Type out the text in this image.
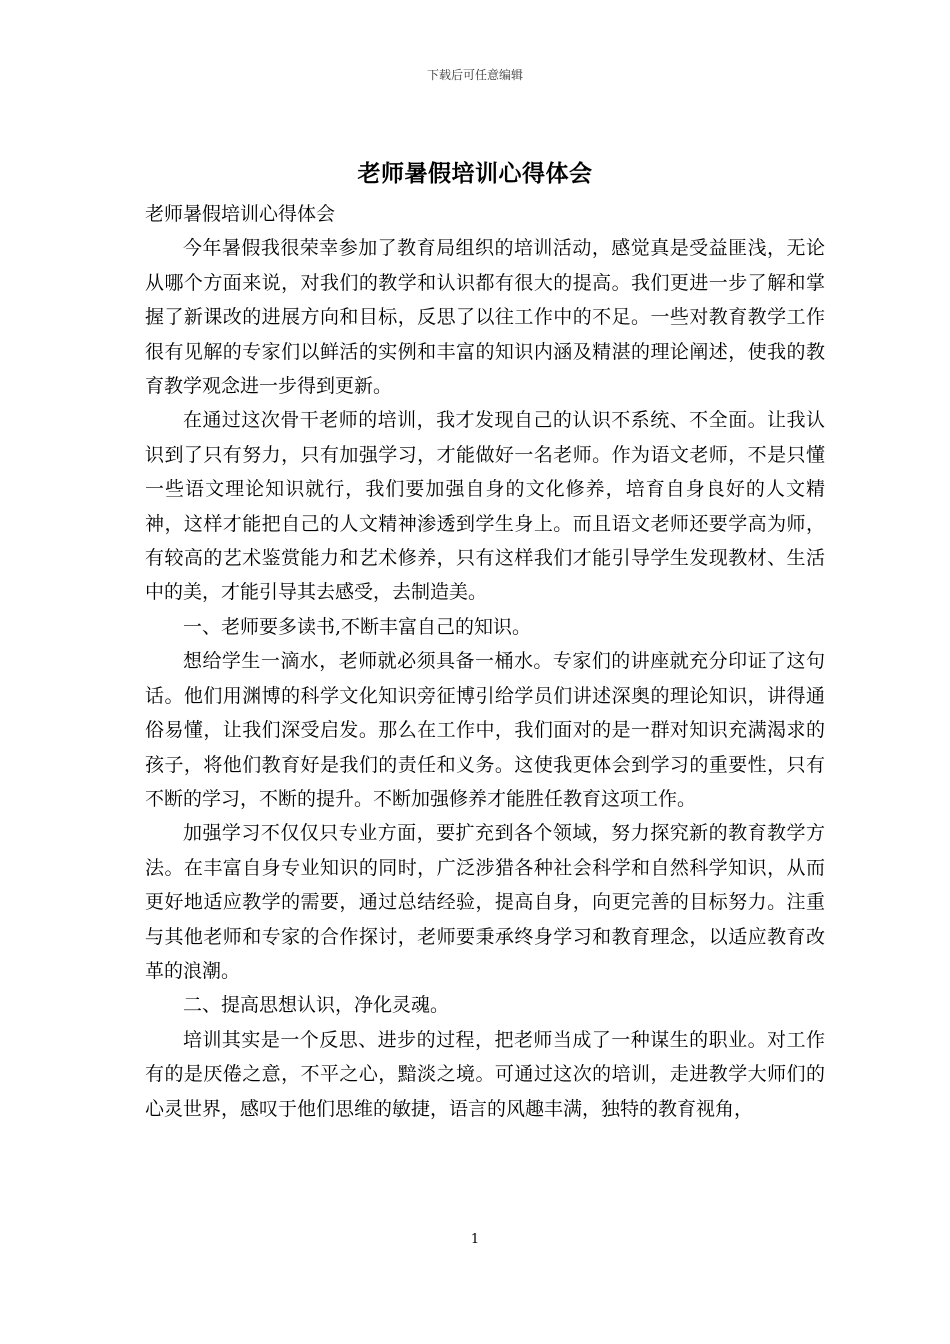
下载后可任意编辑
老师暑假培训心得体会

老师暑假培训心得体会

今年暑假我很荣幸参加了教育局组织的培训活动，感觉真是受益匪浅，无论从哪个方面来说，对我们的教学和认识都有很大的提高。我们更进一步了解和掌握了新课改的进展方向和目标，反思了以往工作中的不足。一些对教育教学工作很有见解的专家们以鲜活的实例和丰富的知识内涵及精湛的理论阐述，使我的教育教学观念进一步得到更新。

在通过这次骨干老师的培训，我才发现自己的认识不系统、不全面。让我认识到了只有努力，只有加强学习，才能做好一名老师。作为语文老师，不是只懂一些语文理论知识就行，我们要加强自身的文化修养，培育自身良好的人文精神，这样才能把自己的人文精神渗透到学生身上。而且语文老师还要学高为师，有较高的艺术鉴赏能力和艺术修养，只有这样我们才能引导学生发现教材、生活中的美，才能引导其去感受，去制造美。

一、老师要多读书,不断丰富自己的知识。

想给学生一滴水，老师就必须具备一桶水。专家们的讲座就充分印证了这句话。他们用渊博的科学文化知识旁征博引给学员们讲述深奥的理论知识，讲得通俗易懂，让我们深受启发。那么在工作中，我们面对的是一群对知识充满渴求的孩子，将他们教育好是我们的责任和义务。这使我更体会到学习的重要性，只有不断的学习，不断的提升。不断加强修养才能胜任教育这项工作。

加强学习不仅仅只专业方面，要扩充到各个领域，努力探究新的教育教学方法。在丰富自身专业知识的同时，广泛涉猎各种社会科学和自然科学知识，从而更好地适应教学的需要，通过总结经验，提高自身，向更完善的目标努力。注重与其他老师和专家的合作探讨，老师要秉承终身学习和教育理念，以适应教育改革的浪潮。

二、提高思想认识，净化灵魂。

培训其实是一个反思、进步的过程，把老师当成了一种谋生的职业。对工作有的是厌倦之意，不平之心，黯淡之境。可通过这次的培训，走进教学大师们的心灵世界，感叹于他们思维的敏捷，语言的风趣丰满，独特的教育视角，

1
